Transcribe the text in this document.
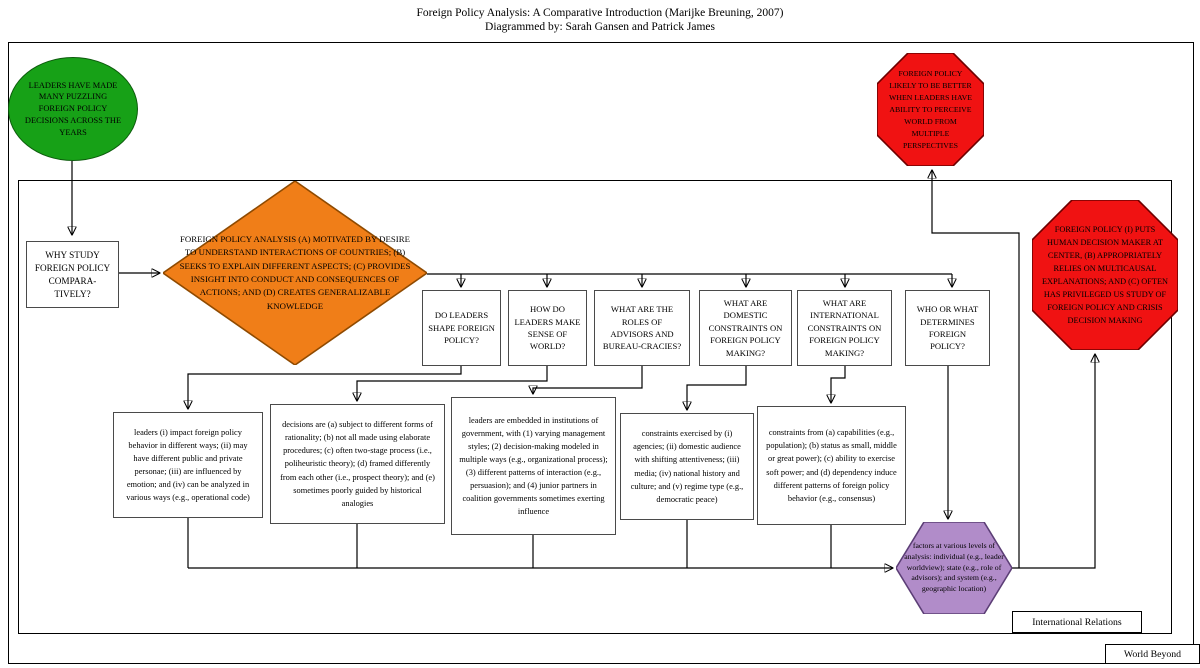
Foreign Policy Analysis: A Comparative Introduction (Marijke Breuning, 2007)
Diagrammed by: Sarah Gansen and Patrick James
LEADERS HAVE MADE MANY PUZZLING FOREIGN POLICY DECISIONS ACROSS THE YEARS
FOREIGN POLICY LIKELY TO BE BETTER WHEN LEADERS HAVE ABILITY TO PERCEIVE WORLD FROM MULTIPLE PERSPECTIVES
FOREIGN POLICY (I) PUTS HUMAN DECISION MAKER AT CENTER, (B) APPROPRIATELY RELIES ON MULTICAUSAL EXPLANATIONS; AND (C) OFTEN HAS PRIVILEGED US STUDY OF FOREIGN POLICY AND CRISIS DECISION MAKING
WHY STUDY FOREIGN POLICY COMPARA-TIVELY?
FOREIGN POLICY ANALYSIS (A) MOTIVATED BY DESIRE TO UNDERSTAND INTERACTIONS OF COUNTRIES; (B) SEEKS TO EXPLAIN DIFFERENT ASPECTS; (C) PROVIDES INSIGHT INTO CONDUCT AND CONSEQUENCES OF ACTIONS; AND (D) CREATES GENERALIZABLE KNOWLEDGE
DO LEADERS SHAPE FOREIGN POLICY?
HOW DO LEADERS MAKE SENSE OF WORLD?
WHAT ARE THE ROLES OF ADVISORS AND BUREAU-CRACIES?
WHAT ARE DOMESTIC CONSTRAINTS ON FOREIGN POLICY MAKING?
WHAT ARE INTERNATIONAL CONSTRAINTS ON FOREIGN POLICY MAKING?
WHO OR WHAT DETERMINES FOREIGN POLICY?
leaders (i) impact foreign policy behavior in different ways; (ii) may have different public and private personae; (iii) are influenced by emotion; and (iv) can be analyzed in various ways (e.g., operational code)
decisions are (a) subject to different forms of rationality; (b) not all made using elaborate procedures; (c) often two-stage process (i.e., poliheuristic theory); (d) framed differently from each other (i.e., prospect theory); and (e) sometimes poorly guided by historical analogies
leaders are embedded in institutions of government, with (1) varying management styles; (2) decision-making modeled in multiple ways (e.g., organizational process); (3) different patterns of interaction (e.g., persuasion); and (4) junior partners in coalition governments sometimes exerting influence
constraints exercised by (i) agencies; (ii) domestic audience with shifting attentiveness; (iii) media; (iv) national history and culture; and (v) regime type (e.g., democratic peace)
constraints from (a) capabilities (e.g., population); (b) status as small, middle or great power); (c) ability to exercise soft power; and (d) dependency induce different patterns of foreign policy behavior (e.g., consensus)
factors at various levels of analysis: individual (e.g., leader worldview); state (e.g., role of advisors); and system (e.g., geographic location)
International Relations
World Beyond
